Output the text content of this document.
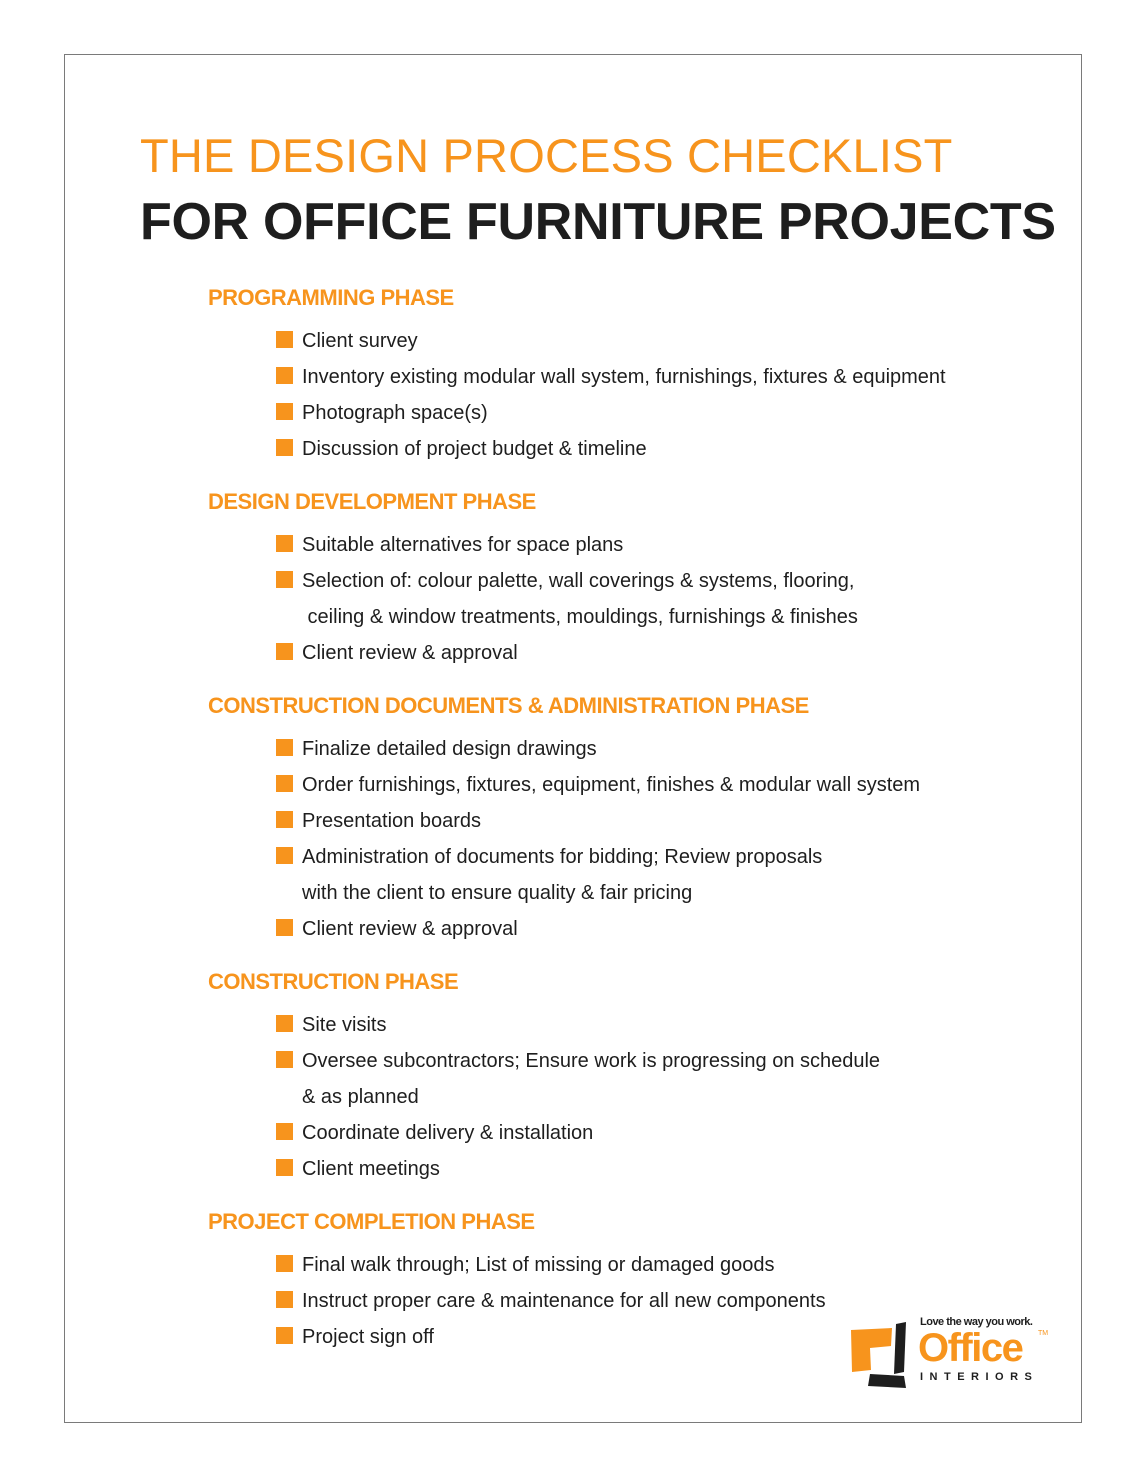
THE DESIGN PROCESS CHECKLIST
FOR OFFICE FURNITURE PROJECTS
PROGRAMMING PHASE
Client survey
Inventory existing modular wall system, furnishings, fixtures & equipment
Photograph space(s)
Discussion of project budget & timeline
DESIGN DEVELOPMENT PHASE
Suitable alternatives for space plans
Selection of: colour palette, wall coverings & systems, flooring,
ceiling & window treatments, mouldings, furnishings & finishes
Client review & approval
CONSTRUCTION DOCUMENTS & ADMINISTRATION PHASE
Finalize detailed design drawings
Order furnishings, fixtures, equipment, finishes & modular wall system
Presentation boards
Administration of documents for bidding; Review proposals
with the client to ensure quality & fair pricing
Client review & approval
CONSTRUCTION PHASE
Site visits
Oversee subcontractors; Ensure work is progressing on schedule
& as planned
Coordinate delivery & installation
Client meetings
PROJECT COMPLETION PHASE
Final walk through; List of missing or damaged goods
Instruct proper care & maintenance for all new components
Project sign off
Love the way you work.
Office TM
INTERIORS
